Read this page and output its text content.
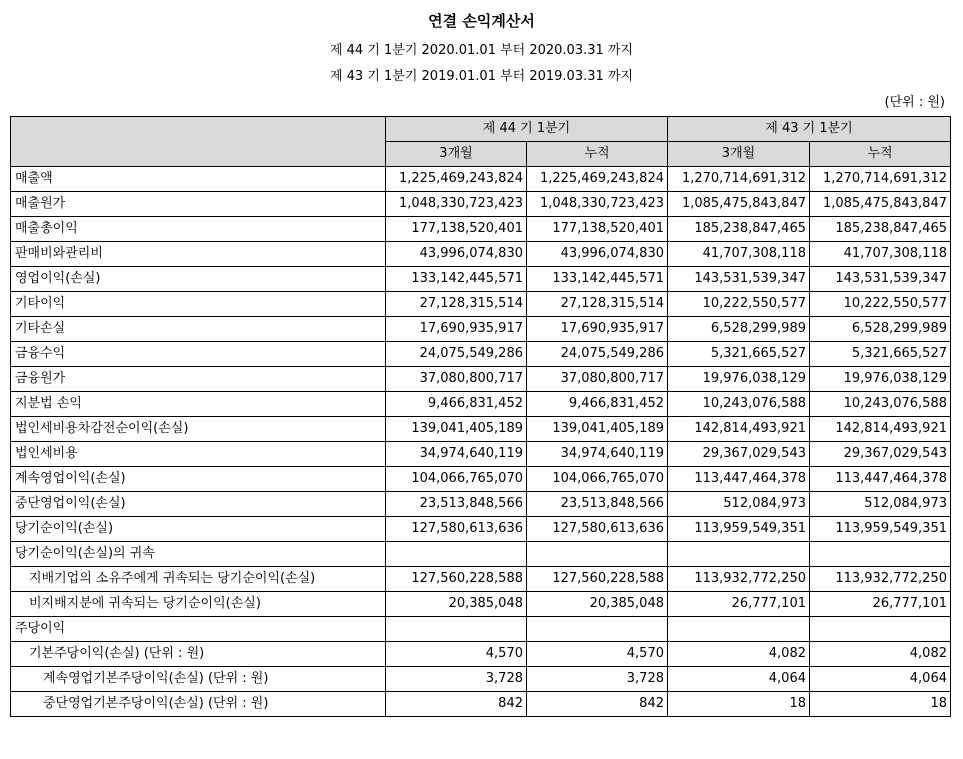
연결 손익계산서
제 44 기 1분기 2020.01.01 부터 2020.03.31 까지
제 43 기 1분기 2019.01.01 부터 2019.03.31 까지
(단위 : 원)
	제 44 기 1분기		제 43 기 1분기	
	3개월	누적	3개월	누적
매출액	1,225,469,243,824	1,225,469,243,824	1,270,714,691,312	1,270,714,691,312
매출원가	1,048,330,723,423	1,048,330,723,423	1,085,475,843,847	1,085,475,843,847
매출총이익	177,138,520,401	177,138,520,401	185,238,847,465	185,238,847,465
판매비와관리비	43,996,074,830	43,996,074,830	41,707,308,118	41,707,308,118
영업이익(손실)	133,142,445,571	133,142,445,571	143,531,539,347	143,531,539,347
기타이익	27,128,315,514	27,128,315,514	10,222,550,577	10,222,550,577
기타손실	17,690,935,917	17,690,935,917	6,528,299,989	6,528,299,989
금융수익	24,075,549,286	24,075,549,286	5,321,665,527	5,321,665,527
금융원가	37,080,800,717	37,080,800,717	19,976,038,129	19,976,038,129
지분법 손익	9,466,831,452	9,466,831,452	10,243,076,588	10,243,076,588
법인세비용차감전순이익(손실)	139,041,405,189	139,041,405,189	142,814,493,921	142,814,493,921
법인세비용	34,974,640,119	34,974,640,119	29,367,029,543	29,367,029,543
계속영업이익(손실)	104,066,765,070	104,066,765,070	113,447,464,378	113,447,464,378
중단영업이익(손실)	23,513,848,566	23,513,848,566	512,084,973	512,084,973
당기순이익(손실)	127,580,613,636	127,580,613,636	113,959,549,351	113,959,549,351
당기순이익(손실)의 귀속				
지배기업의 소유주에게 귀속되는 당기순이익(손실)	127,560,228,588	127,560,228,588	113,932,772,250	113,932,772,250
비지배지분에 귀속되는 당기순이익(손실)	20,385,048	20,385,048	26,777,101	26,777,101
주당이익				
기본주당이익(손실) (단위 : 원)	4,570	4,570	4,082	4,082
계속영업기본주당이익(손실) (단위 : 원)	3,728	3,728	4,064	4,064
중단영업기본주당이익(손실) (단위 : 원)	842	842	18	18
